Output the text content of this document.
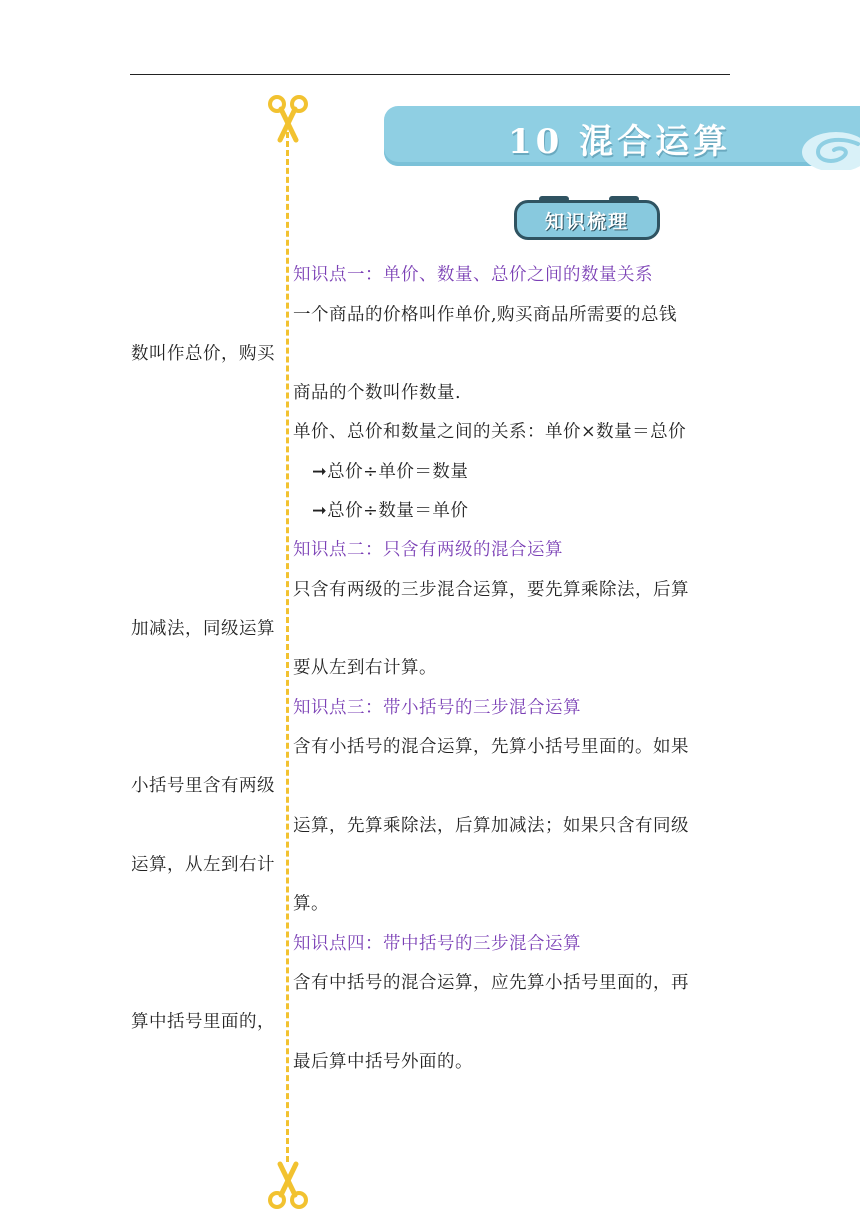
10 混合运算
知识梳理
知识点一：单价、数量、总价之间的数量关系
一个商品的价格叫作单价,购买商品所需要的总钱
数叫作总价，购买
商品的个数叫作数量.
单价、总价和数量之间的关系：单价×数量＝总价
➞总价÷单价＝数量
➞总价÷数量＝单价
知识点二：只含有两级的混合运算
只含有两级的三步混合运算，要先算乘除法，后算
加减法，同级运算
要从左到右计算。
知识点三：带小括号的三步混合运算
含有小括号的混合运算，先算小括号里面的。如果
小括号里含有两级
运算，先算乘除法，后算加减法；如果只含有同级
运算，从左到右计
算。
知识点四：带中括号的三步混合运算
含有中括号的混合运算，应先算小括号里面的，再
算中括号里面的，
最后算中括号外面的。
